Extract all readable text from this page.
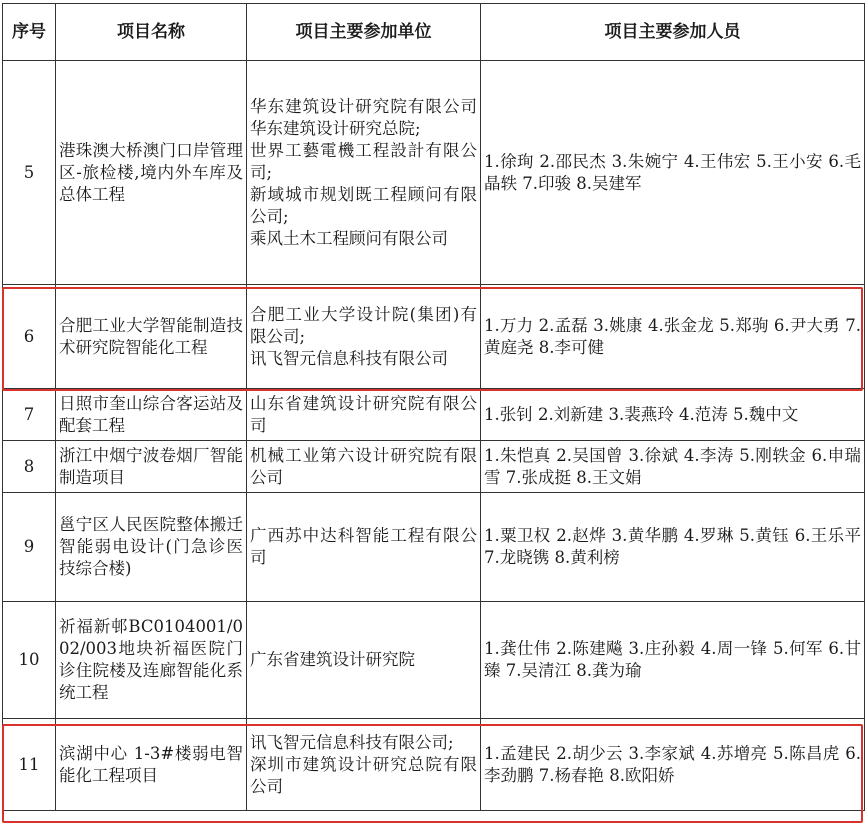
序号	项目名称	项目主要参加单位	项目主要参加人员
5	港珠澳大桥澳门口岸管理区-旅检楼,境内外车库及总体工程	华东建筑设计研究院有限公司华东建筑设计研究总院;
世界工藝電機工程設計有限公司;
新域城市规划既工程顾问有限公司;
乘风土木工程顾问有限公司	1.徐珣 2.邵民杰 3.朱婉宁 4.王伟宏 5.王小安 6.毛晶轶 7.印骏 8.吴建军
6	合肥工业大学智能制造技术研究院智能化工程	合肥工业大学设计院(集团)有限公司;
讯飞智元信息科技有限公司	1.万力 2.孟磊 3.姚康 4.张金龙 5.郑驹 6.尹大勇 7.黄庭尧 8.李可健
7	日照市奎山综合客运站及配套工程	山东省建筑设计研究院有限公司	1.张钊 2.刘新建 3.裴燕玲 4.范涛 5.魏中文
8	浙江中烟宁波卷烟厂智能制造项目	机械工业第六设计研究院有限公司	1.朱恺真 2.吴国曾 3.徐斌 4.李涛 5.刚轶金 6.申瑞雪 7.张成挺 8.王文娟
9	邕宁区人民医院整体搬迁智能弱电设计(门急诊医技综合楼)	广西苏中达科智能工程有限公司	1.粟卫权 2.赵烨 3.黄华鹏 4.罗琳 5.黄钰 6.王乐平 7.龙晓镌 8.黄利榜
10	祈福新邨BC0104001/002/003地块祈福医院门诊住院楼及连廊智能化系统工程	广东省建筑设计研究院	1.龚仕伟 2.陈建飚 3.庄孙毅 4.周一锋 5.何军 6.甘臻 7.吴清江 8.龚为瑜
11	滨湖中心 1-3#楼弱电智能化工程项目	讯飞智元信息科技有限公司;
深圳市建筑设计研究总院有限公司	1.孟建民 2.胡少云 3.李家斌 4.苏增亮 5.陈昌虎 6.李劲鹏 7.杨春艳 8.欧阳娇
